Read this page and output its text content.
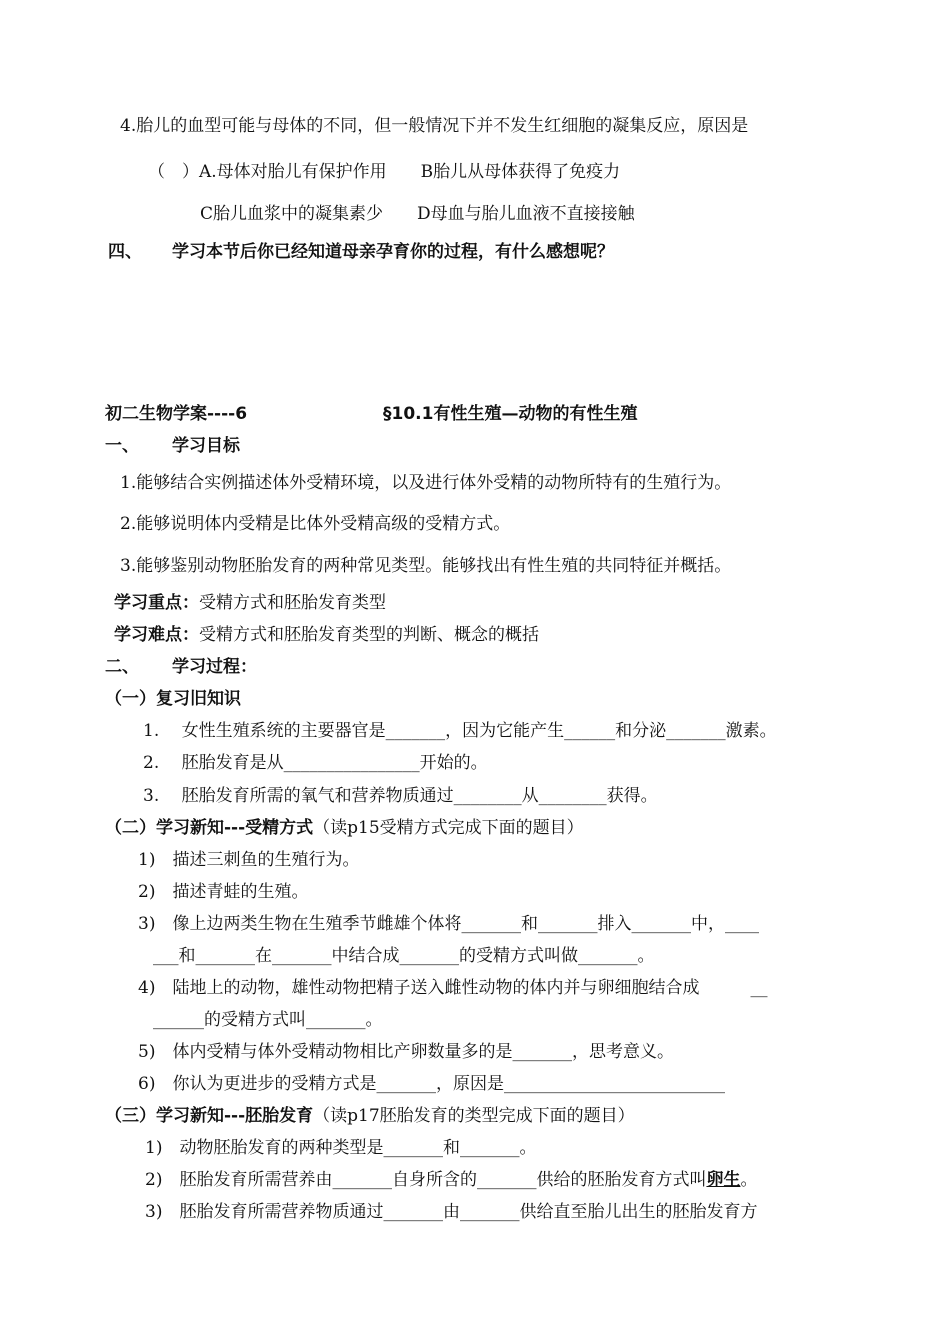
4.胎儿的血型可能与母体的不同，但一般情况下并不发生红细胞的凝集反应，原因是
（　）A.母体对胎儿有保护作用　　B胎儿从母体获得了免疫力
C胎儿血浆中的凝集素少　　D母血与胎儿血液不直接接触
四、 学习本节后你已经知道母亲孕育你的过程，有什么感想呢？
初二生物学案----6	§10.1有性生殖—动物的有性生殖
一、 学习目标
1.能够结合实例描述体外受精环境，以及进行体外受精的动物所特有的生殖行为。
2.能够说明体内受精是比体外受精高级的受精方式。
3.能够鉴别动物胚胎发育的两种常见类型。能够找出有性生殖的共同特征并概括。
学习重点：受精方式和胚胎发育类型
学习难点：受精方式和胚胎发育类型的判断、概念的概括
二、 学习过程：
（一）复习旧知识
1.　 女性生殖系统的主要器官是_______，因为它能产生______和分泌_______激素。
2.　 胚胎发育是从________________开始的。
3.　 胚胎发育所需的氧气和营养物质通过________从________获得。
（二）学习新知---受精方式（读p15受精方式完成下面的题目）
1)　描述三刺鱼的生殖行为。
2)　描述青蛙的生殖。
3)　像上边两类生物在生殖季节雌雄个体将_______和_______排入_______中，____
___和_______在_______中结合成_______的受精方式叫做_______。
4)　陆地上的动物，雄性动物把精子送入雌性动物的体内并与卵细胞结合成　　　__
______的受精方式叫_______。
5)　体内受精与体外受精动物相比产卵数量多的是_______，思考意义。
6)　你认为更进步的受精方式是_______，原因是__________________________
（三）学习新知---胚胎发育（读p17胚胎发育的类型完成下面的题目）
1)　动物胚胎发育的两种类型是_______和_______。
2)　胚胎发育所需营养由_______自身所含的_______供给的胚胎发育方式叫卵生。
3)　胚胎发育所需营养物质通过_______由_______供给直至胎儿出生的胚胎发育方
